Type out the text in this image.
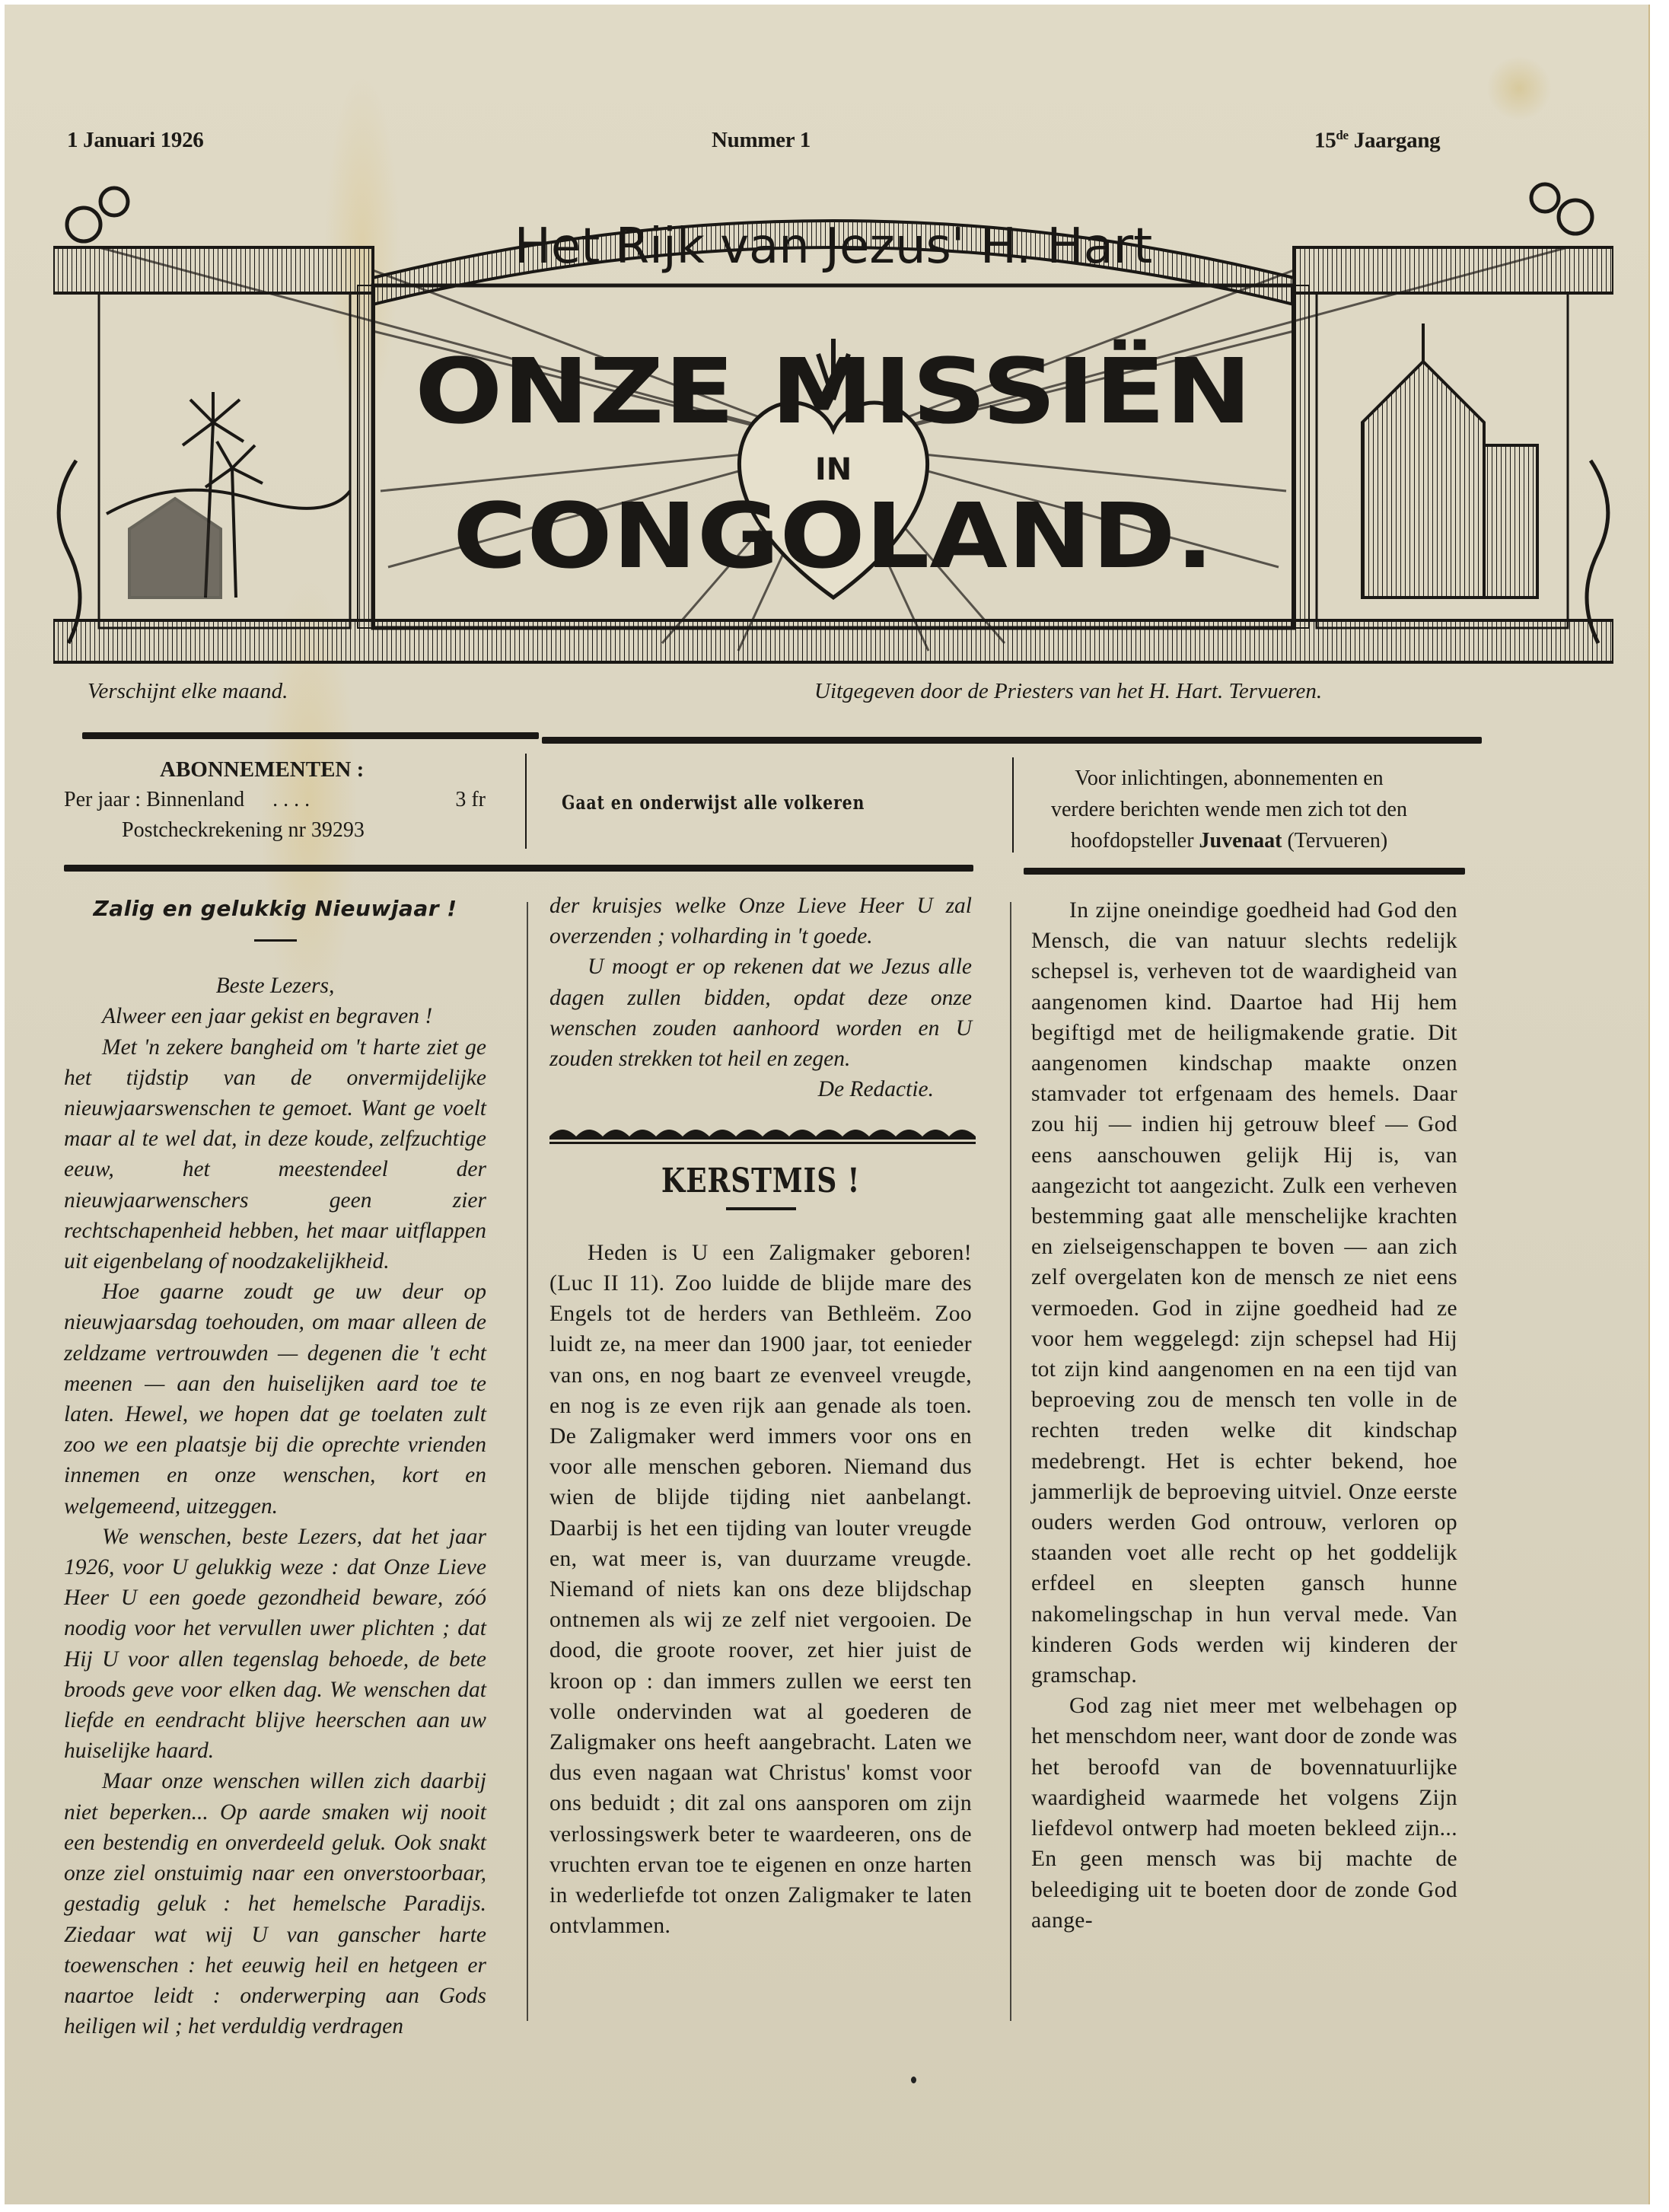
1 Januari 1926	Nummer 1	15de Jaargang
Het Rijk van Jezus' H. Hart
ONZE MISSIËN
IN
CONGOLAND.
Verschijnt elke maand.	Uitgegeven door de Priesters van het H. Hart. Tervueren.
ABONNEMENTEN :
Per jaar : Binnenland . . . .	3 fr
Postcheckrekening nr 39293
Gaat en onderwijst alle volkeren
Voor inlichtingen, abonnementen en
verdere berichten wende men zich tot den
hoofdopsteller Juvenaat (Tervueren)
Zalig en gelukkig Nieuwjaar !

Beste Lezers,

Alweer een jaar gekist en begraven !

Met 'n zekere bangheid om 't harte ziet ge het tijdstip van de onvermijdelijke nieuwjaarswenschen te gemoet. Want ge voelt maar al te wel dat, in deze koude, zelfzuchtige eeuw, het meestendeel der nieuwjaarwenschers geen zier rechtschapenheid hebben, het maar uitflappen uit eigenbelang of noodzakelijkheid.

Hoe gaarne zoudt ge uw deur op nieuwjaarsdag toehouden, om maar alleen de zeldzame vertrouwden — degenen die 't echt meenen — aan den huiselijken aard toe te laten. Hewel, we hopen dat ge toelaten zult zoo we een plaatsje bij die oprechte vrienden innemen en onze wenschen, kort en welgemeend, uitzeggen.

We wenschen, beste Lezers, dat het jaar 1926, voor U gelukkig weze : dat Onze Lieve Heer U een goede gezondheid beware, zóó noodig voor het vervullen uwer plichten ; dat Hij U voor allen tegenslag behoede, de bete broods geve voor elken dag. We wenschen dat liefde en eendracht blijve heerschen aan uw huiselijke haard.

Maar onze wenschen willen zich daarbij niet beperken... Op aarde smaken wij nooit een bestendig en onverdeeld geluk. Ook snakt onze ziel onstuimig naar een onverstoorbaar, gestadig geluk : het hemelsche Paradijs. Ziedaar wat wij U van ganscher harte toewenschen : het eeuwig heil en hetgeen er naartoe leidt : onderwerping aan Gods heiligen wil ; het verduldig verdragen

der kruisjes welke Onze Lieve Heer U zal overzenden ; volharding in 't goede.

U moogt er op rekenen dat we Jezus alle dagen zullen bidden, opdat deze onze wenschen zouden aanhoord worden en U zouden strekken tot heil en zegen.

De Redactie.

KERSTMIS !

Heden is U een Zaligmaker geboren! (Luc II 11). Zoo luidde de blijde mare des Engels tot de herders van Bethleëm. Zoo luidt ze, na meer dan 1900 jaar, tot eenieder van ons, en nog baart ze evenveel vreugde, en nog is ze even rijk aan genade als toen. De Zaligmaker werd immers voor ons en voor alle menschen geboren. Niemand dus wien de blijde tijding niet aanbelangt. Daarbij is het een tijding van louter vreugde en, wat meer is, van duurzame vreugde. Niemand of niets kan ons deze blijdschap ontnemen als wij ze zelf niet vergooien. De dood, die groote roover, zet hier juist de kroon op : dan immers zullen we eerst ten volle ondervinden wat al goederen de Zaligmaker ons heeft aangebracht. Laten we dus even nagaan wat Christus' komst voor ons beduidt ; dit zal ons aansporen om zijn verlossingswerk beter te waardeeren, ons de vruchten ervan toe te eigenen en onze harten in wederliefde tot onzen Zaligmaker te laten ontvlammen.

In zijne oneindige goedheid had God den Mensch, die van natuur slechts redelijk schepsel is, verheven tot de waardigheid van aangenomen kind. Daartoe had Hij hem begiftigd met de heiligmakende gratie. Dit aangenomen kindschap maakte onzen stamvader tot erfgenaam des hemels. Daar zou hij — indien hij getrouw bleef — God eens aanschouwen gelijk Hij is, van aangezicht tot aangezicht. Zulk een verheven bestemming gaat alle menschelijke krachten en zielseigenschappen te boven — aan zich zelf overgelaten kon de mensch ze niet eens vermoeden. God in zijne goedheid had ze voor hem weggelegd: zijn schepsel had Hij tot zijn kind aangenomen en na een tijd van beproeving zou de mensch ten volle in de rechten treden welke dit kindschap medebrengt. Het is echter bekend, hoe jammerlijk de beproeving uitviel. Onze eerste ouders werden God ontrouw, verloren op staanden voet alle recht op het goddelijk erfdeel en sleepten gansch hunne nakomelingschap in hun verval mede. Van kinderen Gods werden wij kinderen der gramschap.

God zag niet meer met welbehagen op het menschdom neer, want door de zonde was het beroofd van de bovennatuurlijke waardigheid waarmede het volgens Zijn liefdevol ontwerp had moeten bekleed zijn... En geen mensch was bij machte de beleediging uit te boeten door de zonde God aange-
